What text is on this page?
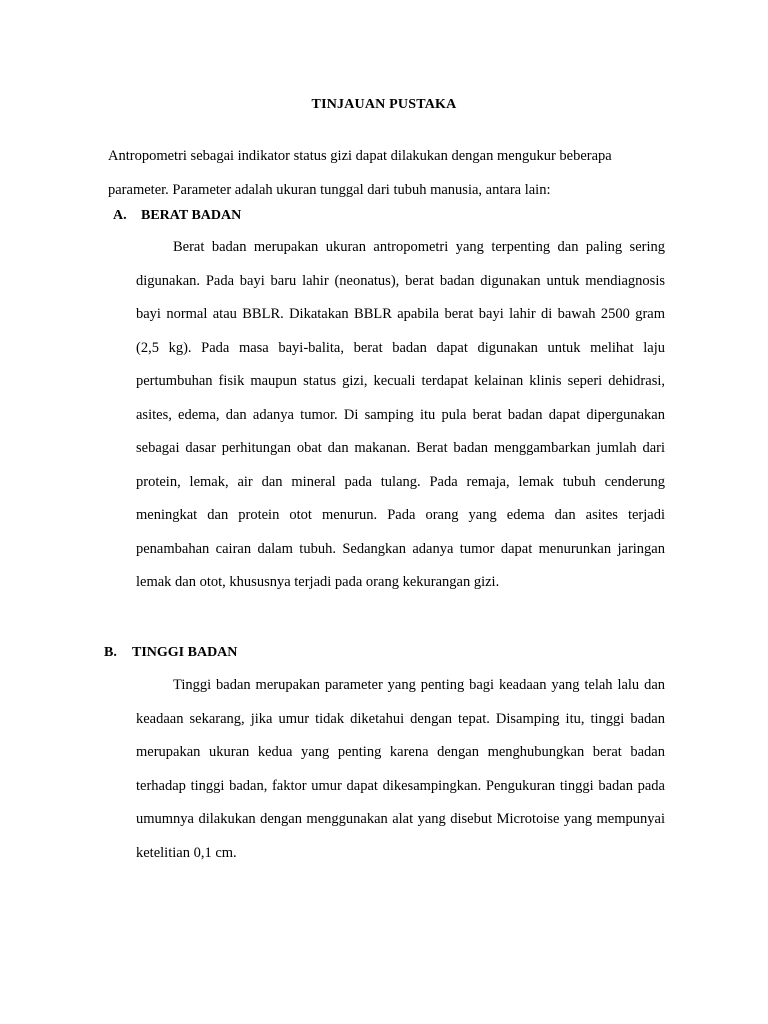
TINJAUAN PUSTAKA

Antropometri sebagai indikator status gizi dapat dilakukan dengan mengukur beberapa

parameter. Parameter adalah ukuran tunggal dari tubuh manusia, antara lain:

A. BERAT BADAN

Berat badan merupakan ukuran antropometri yang terpenting dan paling sering digunakan. Pada bayi baru lahir (neonatus), berat badan digunakan untuk mendiagnosis bayi normal atau BBLR. Dikatakan BBLR apabila berat bayi lahir di bawah 2500 gram (2,5 kg). Pada masa bayi-balita, berat badan dapat digunakan untuk melihat laju pertumbuhan fisik maupun status gizi, kecuali terdapat kelainan klinis seperi dehidrasi, asites, edema, dan adanya tumor. Di samping itu pula berat badan dapat dipergunakan sebagai dasar perhitungan obat dan makanan. Berat badan menggambarkan jumlah dari protein, lemak, air dan mineral pada tulang. Pada remaja, lemak tubuh cenderung meningkat dan protein otot menurun. Pada orang yang edema dan asites terjadi penambahan cairan dalam tubuh. Sedangkan adanya tumor dapat menurunkan jaringan lemak dan otot, khususnya terjadi pada orang kekurangan gizi.

B. TINGGI BADAN

Tinggi badan merupakan parameter yang penting bagi keadaan yang telah lalu dan keadaan sekarang, jika umur tidak diketahui dengan tepat. Disamping itu, tinggi badan merupakan ukuran kedua yang penting karena dengan menghubungkan berat badan terhadap tinggi badan, faktor umur dapat dikesampingkan. Pengukuran tinggi badan pada umumnya dilakukan dengan menggunakan alat yang disebut Microtoise yang mempunyai ketelitian 0,1 cm.
